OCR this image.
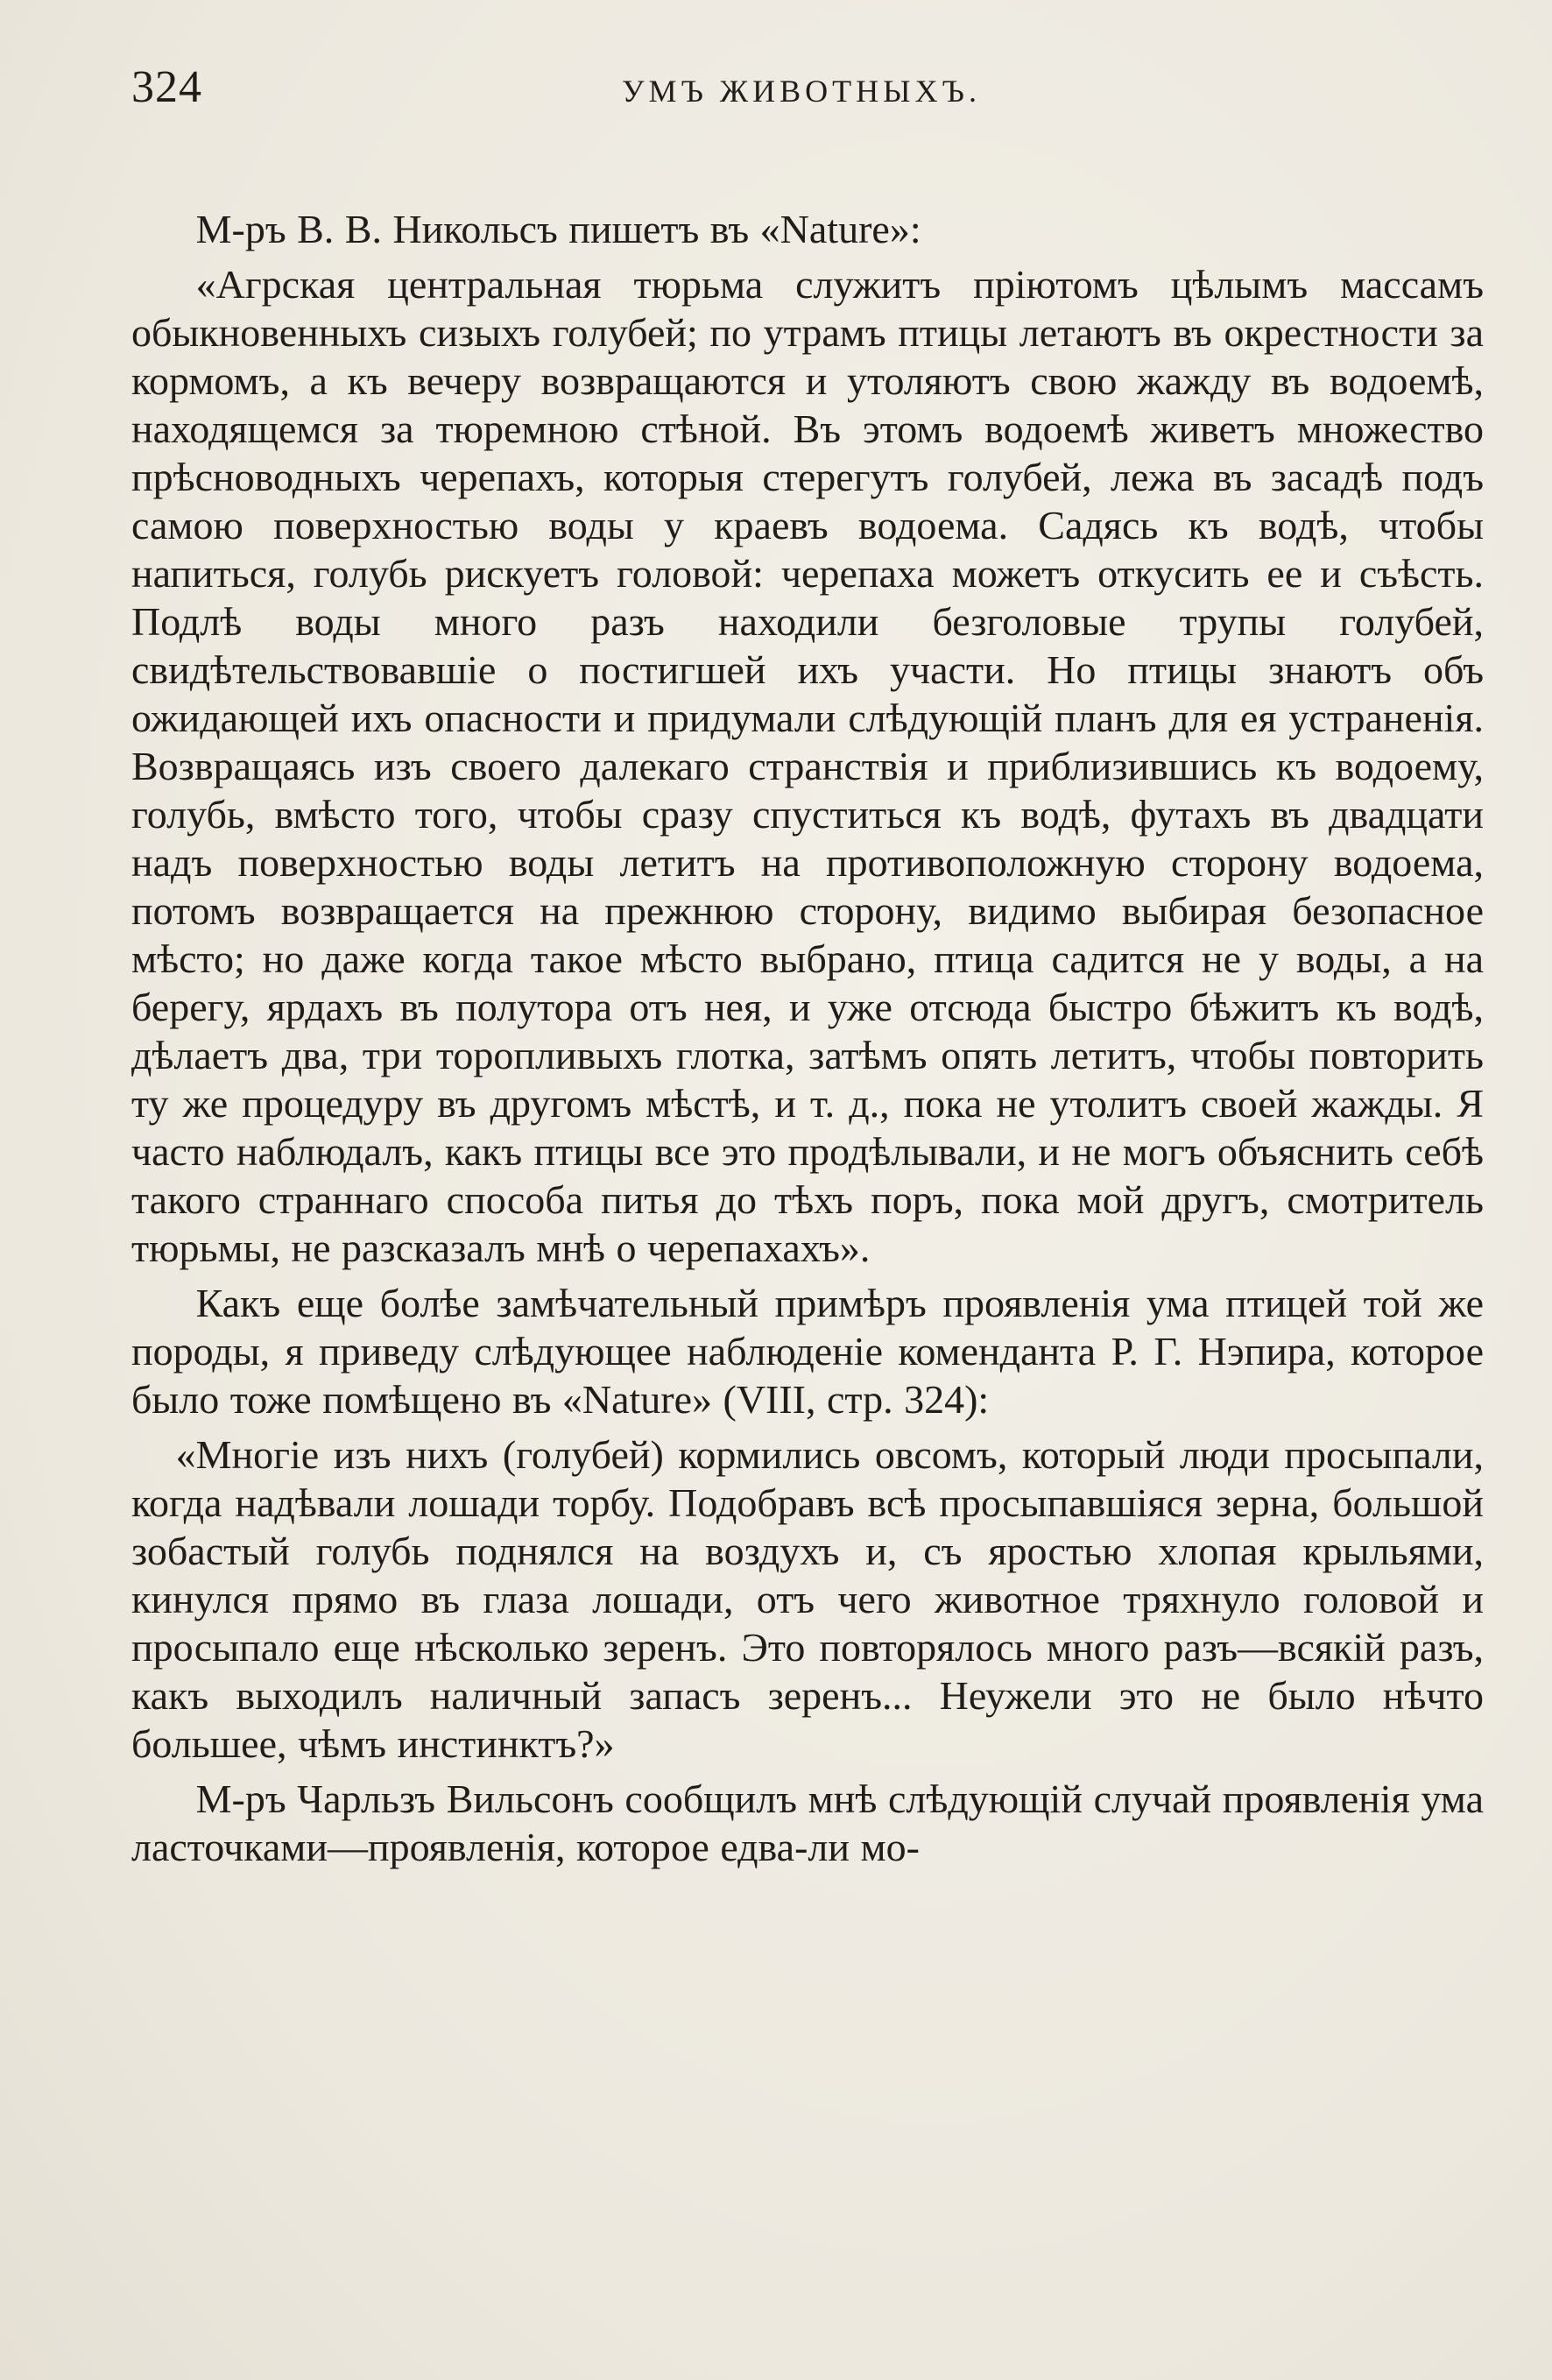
324	УМЪ ЖИВОТНЫХЪ.

М-ръ В. В. Никольсъ пишетъ въ «Nature»:

«Агрская центральная тюрьма служитъ прiютомъ цѣлымъ массамъ обыкновенныхъ сизыхъ голубей; по утрамъ птицы летаютъ въ окрестности за кормомъ, а къ вечеру возвращаются и утоляютъ свою жажду въ водоемѣ, находящемся за тюремною стѣной. Въ этомъ водоемѣ живетъ множество прѣсноводныхъ черепахъ, которыя стерегутъ голубей, лежа въ засадѣ подъ самою поверхностью воды у краевъ водоема. Садясь къ водѣ, чтобы напиться, голубь рискуетъ головой: черепаха можетъ откусить ее и съѣсть. Подлѣ воды много разъ находили безголовые трупы голубей, свидѣтельствовавшiе о постигшей ихъ участи. Но птицы знаютъ объ ожидающей ихъ опасности и придумали слѣдующiй планъ для ея устраненiя. Возвращаясь изъ своего далекаго странствiя и приблизившись къ водоему, голубь, вмѣсто того, чтобы сразу спуститься къ водѣ, футахъ въ двадцати надъ поверхностью воды летитъ на противоположную сторону водоема, потомъ возвращается на прежнюю сторону, видимо выбирая безопасное мѣсто; но даже когда такое мѣсто выбрано, птица садится не у воды, а на берегу, ярдахъ въ полутора отъ нея, и уже отсюда быстро бѣжитъ къ водѣ, дѣлаетъ два, три торопливыхъ глотка, затѣмъ опять летитъ, чтобы повторить ту же процедуру въ другомъ мѣстѣ, и т. д., пока не утолитъ своей жажды. Я часто наблюдалъ, какъ птицы все это продѣлывали, и не могъ объяснить себѣ такого страннаго способа питья до тѣхъ поръ, пока мой другъ, смотритель тюрьмы, не разсказалъ мнѣ о черепахахъ».

Какъ еще болѣе замѣчательный примѣръ проявленiя ума птицей той же породы, я приведу слѣдующее наблюденiе коменданта Р. Г. Нэпира, которое было тоже помѣщено въ «Nature» (VIII, стр. 324):

«Многiе изъ нихъ (голубей) кормились овсомъ, который люди просыпали, когда надѣвали лошади торбу. Подобравъ всѣ просыпавшiяся зерна, большой зобастый голубь поднялся на воздухъ и, съ яростью хлопая крыльями, кинулся прямо въ глаза лошади, отъ чего животное тряхнуло головой и просыпало еще нѣсколько зеренъ. Это повторялось много разъ—всякiй разъ, какъ выходилъ наличный запасъ зеренъ... Неужели это не было нѣчто большее, чѣмъ инстинктъ?»

М-ръ Чарльзъ Вильсонъ сообщилъ мнѣ слѣдующiй случай проявленiя ума ласточками—проявленiя, которое едва-ли мо-
